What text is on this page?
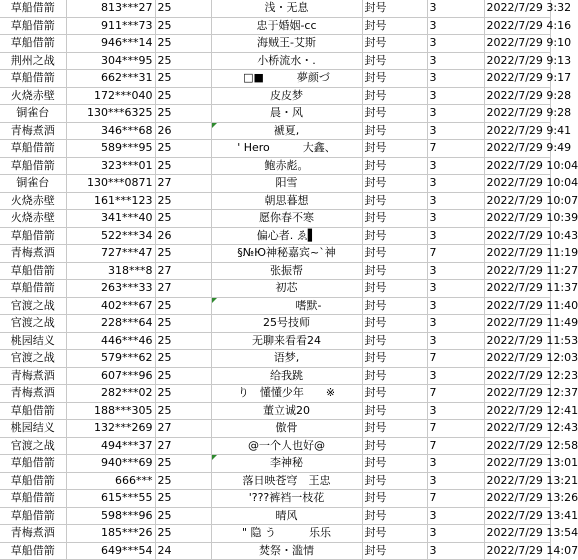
草船借箭	813***27	25	浅・无息	封号	3	2022/7/29 3:32
草船借箭	911***73	25	忠于婚姻-cc	封号	3	2022/7/29 4:16
草船借箭	946***14	25	海贼王-艾斯	封号	3	2022/7/29 9:10
荆州之战	304***95	25	小桥流水・.	封号	3	2022/7/29 9:13
草船借箭	662***31	25	□■　　　夢颜づ	封号	3	2022/7/29 9:17
火烧赤壁	172***040	25	皮皮梦	封号	3	2022/7/29 9:28
铜雀台	130***6325	25	晨・风	封号	3	2022/7/29 9:28
青梅煮酒	346***68	26	褫夏,	封号	3	2022/7/29 9:41
草船借箭	589***95	25	' Hero　　　大鑫、	封号	7	2022/7/29 9:49
草船借箭	323***01	25	鲍赤彪。	封号	3	2022/7/29 10:04
铜雀台	130***0871	27	阳雪	封号	3	2022/7/29 10:04
火烧赤壁	161***123	25	朝思暮想	封号	3	2022/7/29 10:07
火烧赤壁	341***40	25	愿你春不寒	封号	3	2022/7/29 10:39
草船借箭	522***34	26	偏心者. ゑ▌	封号	3	2022/7/29 10:43
青梅煮酒	727***47	25	§№Ю神秘嘉宾~`神	封号	7	2022/7/29 11:19
草船借箭	318***8	27	张振帮	封号	3	2022/7/29 11:27
草船借箭	263***33	27	初芯	封号	3	2022/7/29 11:37
官渡之战	402***67	25	　　　　嗜默-	封号	3	2022/7/29 11:40
官渡之战	228***64	25	25号技师	封号	3	2022/7/29 11:49
桃园结义	446***46	25	无聊来看看24	封号	3	2022/7/29 11:53
官渡之战	579***62	25	语梦,	封号	7	2022/7/29 12:03
青梅煮酒	607***96	25	给我跳	封号	3	2022/7/29 12:23
青梅煮酒	282***02	25	り　懂懂少年　　※	封号	7	2022/7/29 12:37
草船借箭	188***305	25	董立诚20	封号	3	2022/7/29 12:41
桃园结义	132***269	27	傲骨	封号	7	2022/7/29 12:43
官渡之战	494***37	27	@一个人也好@	封号	7	2022/7/29 12:58
草船借箭	940***69	25	李神秘	封号	3	2022/7/29 13:01
草船借箭	666***	25	落日映苍穹　王忠	封号	3	2022/7/29 13:21
草船借箭	615***55	25	'???裤裆一枝花	封号	7	2022/7/29 13:26
草船借箭	598***96	25	晴风	封号	3	2022/7/29 13:41
青梅煮酒	185***26	25	" 隐 う　　　乐乐	封号	3	2022/7/29 13:54
草船借箭	649***54	24	焚祭・滥情	封号	3	2022/7/29 14:07
